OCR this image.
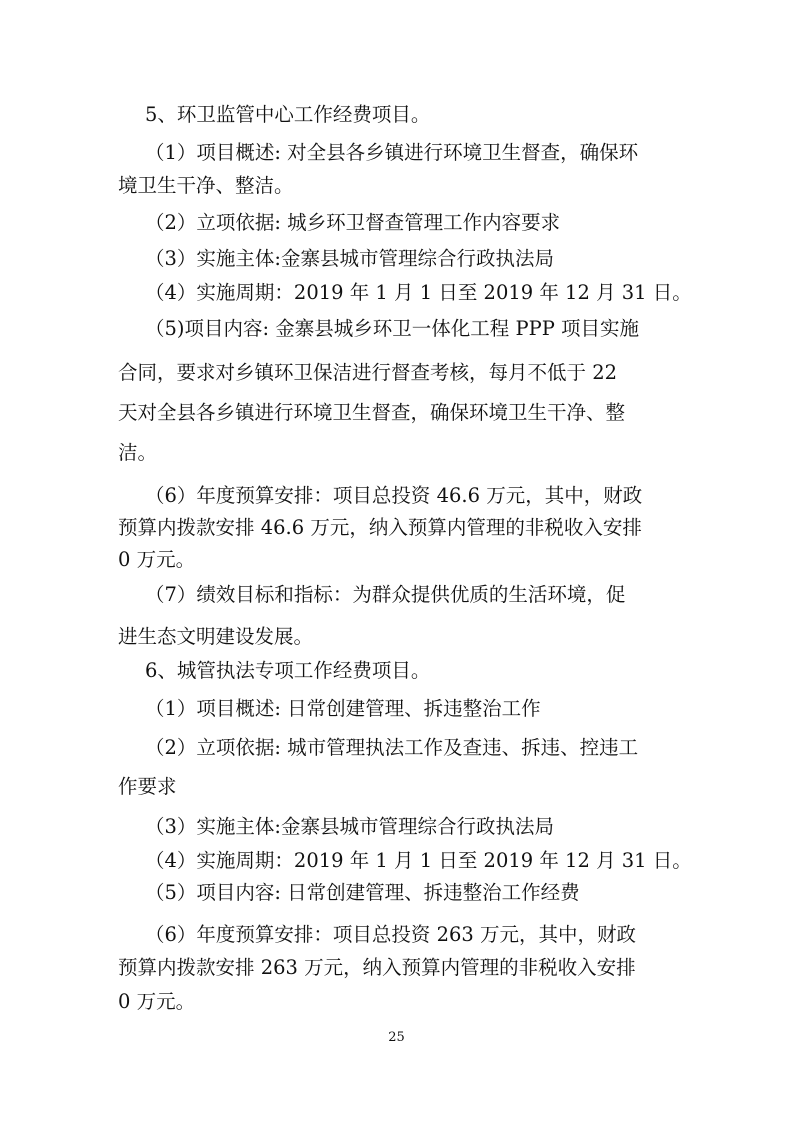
5、环卫监管中心工作经费项目。
（1）项目概述: 对全县各乡镇进行环境卫生督查，确保环
境卫生干净、整洁。
（2）立项依据: 城乡环卫督查管理工作内容要求
（3）实施主体:金寨县城市管理综合行政执法局
（4）实施周期：2019 年 1 月 1 日至 2019 年 12 月 31 日。
（5)项目内容: 金寨县城乡环卫一体化工程 PPP 项目实施
合同，要求对乡镇环卫保洁进行督查考核，每月不低于 22
天对全县各乡镇进行环境卫生督查，确保环境卫生干净、整
洁。
（6）年度预算安排：项目总投资 46.6 万元，其中，财政
预算内拨款安排 46.6 万元，纳入预算内管理的非税收入安排
0 万元。
（7）绩效目标和指标：为群众提供优质的生活环境，促
进生态文明建设发展。
6、城管执法专项工作经费项目。
（1）项目概述: 日常创建管理、拆违整治工作
（2）立项依据: 城市管理执法工作及查违、拆违、控违工
作要求
（3）实施主体:金寨县城市管理综合行政执法局
（4）实施周期：2019 年 1 月 1 日至 2019 年 12 月 31 日。
（5）项目内容: 日常创建管理、拆违整治工作经费
（6）年度预算安排：项目总投资 263 万元，其中，财政
预算内拨款安排 263 万元，纳入预算内管理的非税收入安排
0 万元。
25
